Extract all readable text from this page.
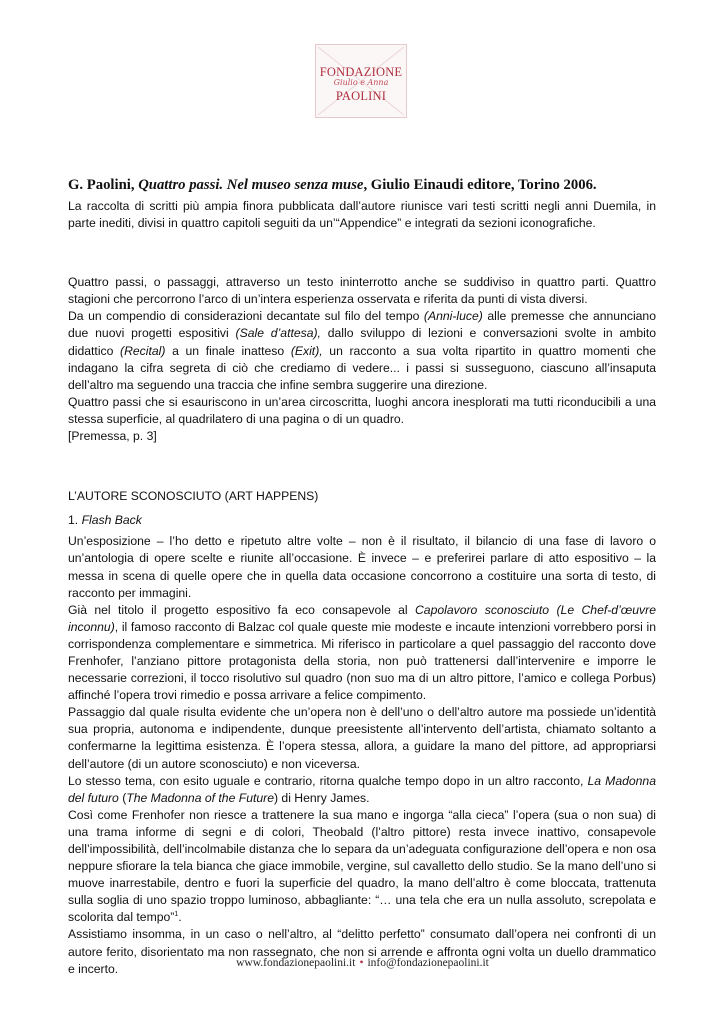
FONDAZIONE
Giulio e Anna
PAOLINI

G. Paolini, Quattro passi. Nel museo senza muse, Giulio Einaudi editore, Torino 2006.

La raccolta di scritti più ampia finora pubblicata dall’autore riunisce vari testi scritti negli anni Duemila, in parte inediti, divisi in quattro capitoli seguiti da un’“Appendice” e integrati da sezioni iconografiche.

Quattro passi, o passaggi, attraverso un testo ininterrotto anche se suddiviso in quattro parti. Quattro stagioni che percorrono l’arco di un’intera esperienza osservata e riferita da punti di vista diversi.

Da un compendio di considerazioni decantate sul filo del tempo (Anni-luce) alle premesse che annunciano due nuovi progetti espositivi (Sale d’attesa), dallo sviluppo di lezioni e conversazioni svolte in ambito didattico (Recital) a un finale inatteso (Exit), un racconto a sua volta ripartito in quattro momenti che indagano la cifra segreta di ciò che crediamo di vedere... i passi si susseguono, ciascuno all’insaputa dell’altro ma seguendo una traccia che infine sembra suggerire una direzione.

Quattro passi che si esauriscono in un’area circoscritta, luoghi ancora inesplorati ma tutti riconducibili a una stessa superficie, al quadrilatero di una pagina o di un quadro.

[Premessa, p. 3]

L’AUTORE SCONOSCIUTO (ART HAPPENS)

1. Flash Back

Un’esposizione – l’ho detto e ripetuto altre volte – non è il risultato, il bilancio di una fase di lavoro o un’antologia di opere scelte e riunite all’occasione. È invece – e preferirei parlare di atto espositivo – la messa in scena di quelle opere che in quella data occasione concorrono a costituire una sorta di testo, di racconto per immagini.

Già nel titolo il progetto espositivo fa eco consapevole al Capolavoro sconosciuto (Le Chef-d’œuvre inconnu), il famoso racconto di Balzac col quale queste mie modeste e incaute intenzioni vorrebbero porsi in corrispondenza complementare e simmetrica. Mi riferisco in particolare a quel passaggio del racconto dove Frenhofer, l’anziano pittore protagonista della storia, non può trattenersi dall’intervenire e imporre le necessarie correzioni, il tocco risolutivo sul quadro (non suo ma di un altro pittore, l’amico e collega Porbus) affinché l’opera trovi rimedio e possa arrivare a felice compimento.

Passaggio dal quale risulta evidente che un’opera non è dell’uno o dell’altro autore ma possiede un’identità sua propria, autonoma e indipendente, dunque preesistente all’intervento dell’artista, chiamato soltanto a confermarne la legittima esistenza. È l’opera stessa, allora, a guidare la mano del pittore, ad appropriarsi dell’autore (di un autore sconosciuto) e non viceversa.

Lo stesso tema, con esito uguale e contrario, ritorna qualche tempo dopo in un altro racconto, La Madonna del futuro (The Madonna of the Future) di Henry James.

Così come Frenhofer non riesce a trattenere la sua mano e ingorga “alla cieca” l’opera (sua o non sua) di una trama informe di segni e di colori, Theobald (l’altro pittore) resta invece inattivo, consapevole dell’impossibilità, dell’incolmabile distanza che lo separa da un’adeguata configurazione dell’opera e non osa neppure sfiorare la tela bianca che giace immobile, vergine, sul cavalletto dello studio. Se la mano dell’uno si muove inarrestabile, dentro e fuori la superficie del quadro, la mano dell’altro è come bloccata, trattenuta sulla soglia di uno spazio troppo luminoso, abbagliante: “… una tela che era un nulla assoluto, screpolata e scolorita dal tempo”$^1$.

Assistiamo insomma, in un caso o nell’altro, al “delitto perfetto” consumato dall’opera nei confronti di un autore ferito, disorientato ma non rassegnato, che non si arrende e affronta ogni volta un duello drammatico e incerto.	www.fondazionepaolini.it • info@fondazionepaolini.it
